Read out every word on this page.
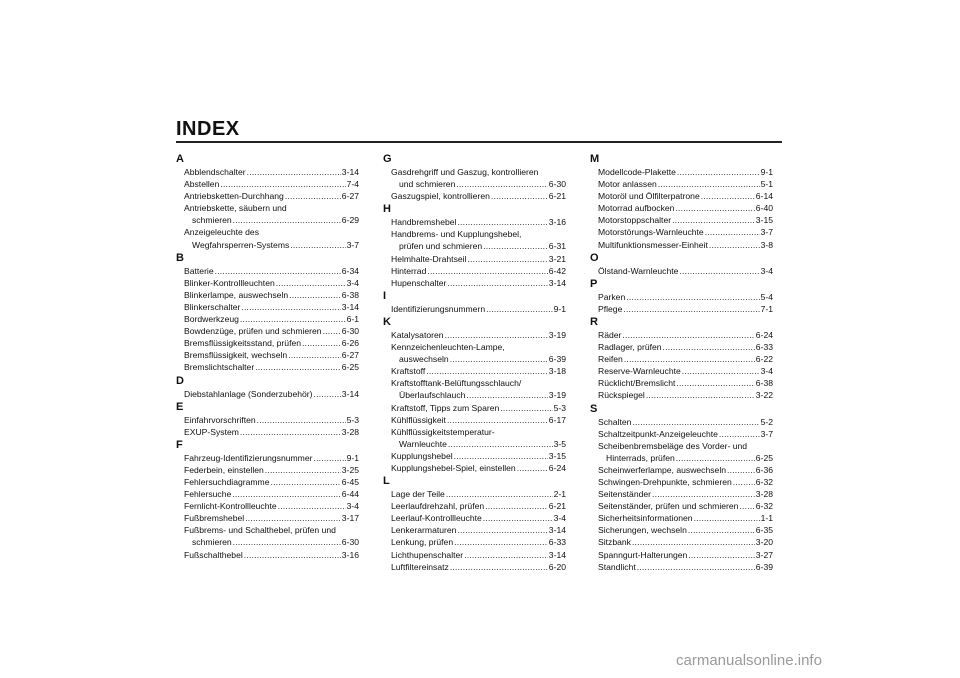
INDEX
A
Abblendschalter .....	3-14
Abstellen .....	7-4
Antriebsketten-Durchhang .....	6-27
Antriebskette, säubern und
schmieren .....	6-29
Anzeigeleuchte des
Wegfahrsperren-Systems .....	3-7
B
Batterie .....	6-34
Blinker-Kontrollleuchten .....	3-4
Blinkerlampe, auswechseln .....	6-38
Blinkerschalter .....	3-14
Bordwerkzeug .....	6-1
Bowdenzüge, prüfen und schmieren ..... 6-30
Bremsflüssigkeitsstand, prüfen .....	6-26
Bremsflüssigkeit, wechseln .....	6-27
Bremslichtschalter .....	6-25
D
Diebstahlanlage (Sonderzubehör) .....	3-14
E
Einfahrvorschriften .....	5-3
EXUP-System .....	3-28
F
Fahrzeug-Identifizierungsnummer .....	9-1
Federbein, einstellen .....	3-25
Fehlersuchdiagramme .....	6-45
Fehlersuche .....	6-44
Fernlicht-Kontrollleuchte .....	3-4
Fußbremshebel .....	3-17
Fußbrems- und Schalthebel, prüfen und
schmieren .....	6-30
Fußschalthebel .....	3-16
G
Gasdrehgriff und Gaszug, kontrollieren
und schmieren .....	6-30
Gaszugspiel, kontrollieren .....	6-21
H
Handbremshebel .....	3-16
Handbrems- und Kupplungshebel,
prüfen und schmieren .....	6-31
Helmhalte-Drahtseil .....	3-21
Hinterrad .....	6-42
Hupenschalter .....	3-14
I
Identifizierungsnummern .....	9-1
K
Katalysatoren .....	3-19
Kennzeichenleuchten-Lampe,
auswechseln .....	6-39
Kraftstoff .....	3-18
Kraftstofftank-Belüftungsschlauch/
Überlaufschlauch .....	3-19
Kraftstoff, Tipps zum Sparen .....	5-3
Kühlflüssigkeit .....	6-17
Kühlflüssigkeitstemperatur-
Warnleuchte .....	3-5
Kupplungshebel .....	3-15
Kupplungshebel-Spiel, einstellen .....	6-24
L
Lage der Teile .....	2-1
Leerlaufdrehzahl, prüfen .....	6-21
Leerlauf-Kontrollleuchte .....	3-4
Lenkerarmaturen .....	3-14
Lenkung, prüfen .....	6-33
Lichthupenschalter .....	3-14
Luftfiltereinsatz .....	6-20
M
Modellcode-Plakette .....	9-1
Motor anlassen .....	5-1
Motoröl und Ölfilterpatrone .....	6-14
Motorrad aufbocken .....	6-40
Motorstoppschalter .....	3-15
Motorstörungs-Warnleuchte .....	3-7
Multifunktionsmesser-Einheit .....	3-8
O
Ölstand-Warnleuchte .....	3-4
P
Parken .....	5-4
Pflege .....	7-1
R
Räder .....	6-24
Radlager, prüfen .....	6-33
Reifen .....	6-22
Reserve-Warnleuchte .....	3-4
Rücklicht/Bremslicht .....	6-38
Rückspiegel .....	3-22
S
Schalten .....	5-2
Schaltzeitpunkt-Anzeigeleuchte .....	3-7
Scheibenbremsbeläge des Vorder- und
Hinterrads, prüfen .....	6-25
Scheinwerferlampe, auswechseln .....	6-36
Schwingen-Drehpunkte, schmieren .....	6-32
Seitenständer .....	3-28
Seitenständer, prüfen und schmieren ..... 6-32
Sicherheitsinformationen .....	1-1
Sicherungen, wechseln .....	6-35
Sitzbank .....	3-20
Spanngurt-Halterungen .....	3-27
Standlicht .....	6-39
carmanualsonline.info
